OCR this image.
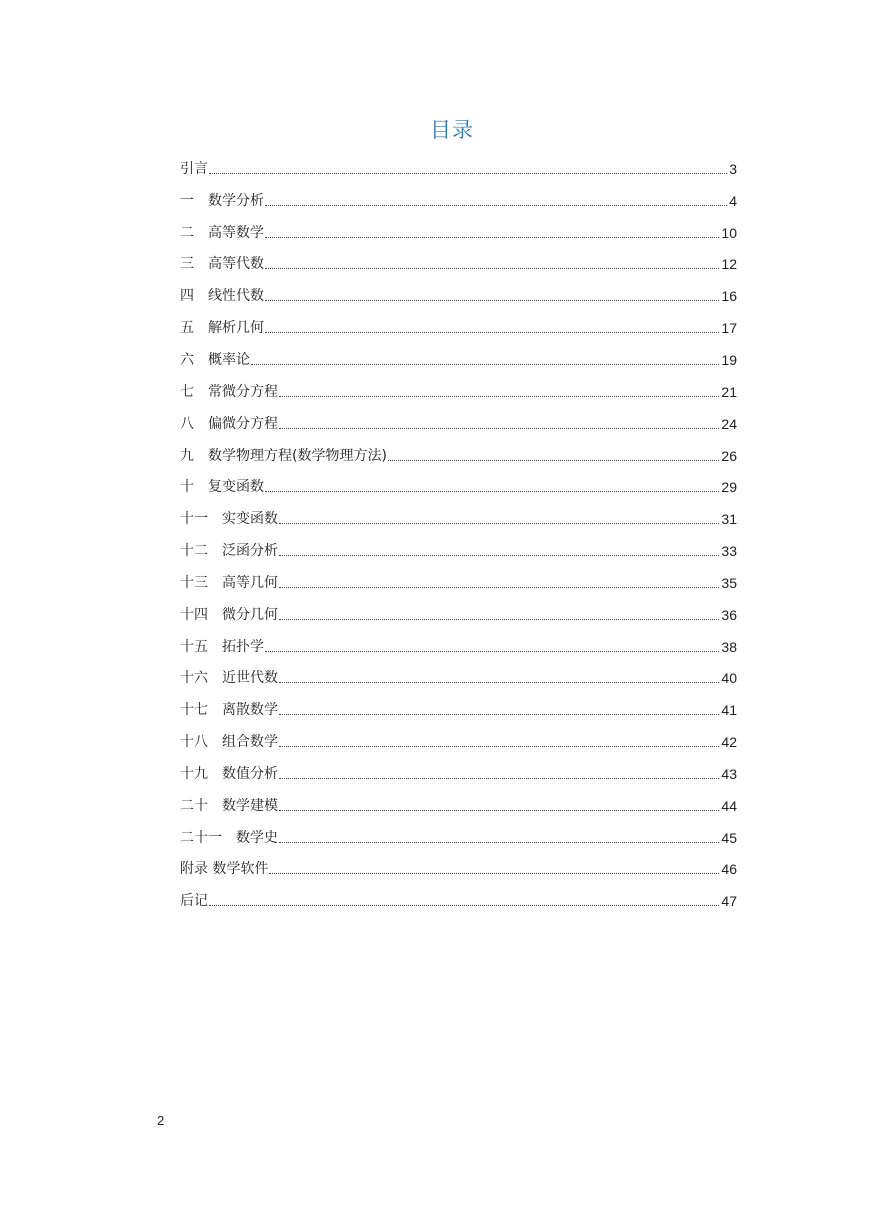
目录
引言	3
一　数学分析	4
二　高等数学	10
三　高等代数	12
四　线性代数	16
五　解析几何	17
六　概率论	19
七　常微分方程	21
八　偏微分方程	24
九　数学物理方程(数学物理方法)	26
十　复变函数	29
十一　实变函数	31
十二　泛函分析	33
十三　高等几何	35
十四　微分几何	36
十五　拓扑学	38
十六　近世代数	40
十七　离散数学	41
十八　组合数学	42
十九　数值分析	43
二十　数学建模	44
二十一　数学史	45
附录 数学软件	46
后记	47
2
